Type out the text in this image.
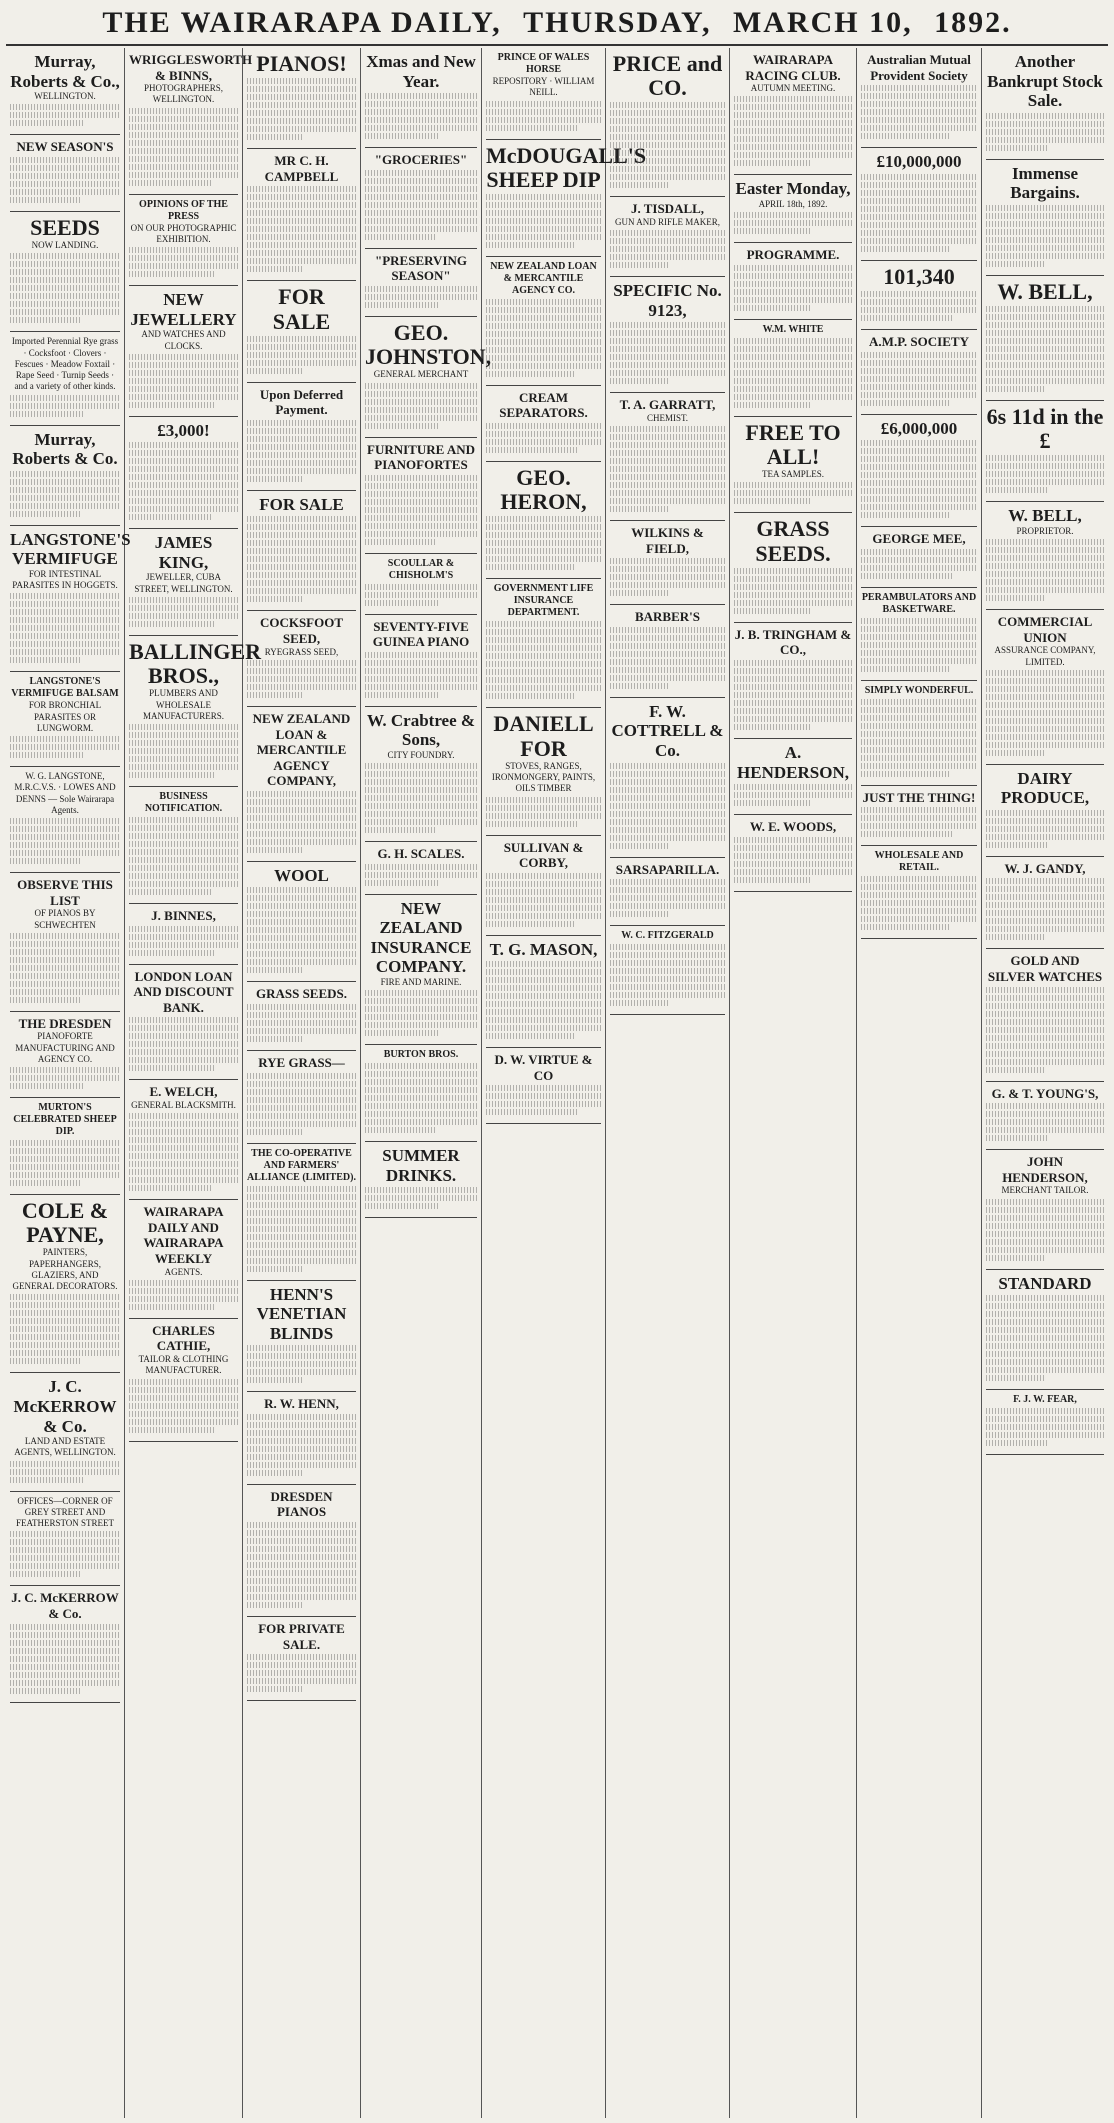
THE WAIRARAPA DAILY, THURSDAY, MARCH 10, 1892.
Murray, Roberts & Co.,
WELLINGTON.
NEW SEASON'S
SEEDS
NOW LANDING.
Imported Perennial Rye grass · Cocksfoot · Clovers · Fescues · Meadow Foxtail · Rape Seed · Turnip Seeds · and a variety of other kinds.
Murray, Roberts & Co.
LANGSTONE'S VERMIFUGE
FOR INTESTINAL PARASITES IN HOGGETS.
LANGSTONE'S VERMIFUGE BALSAM
FOR BRONCHIAL PARASITES OR LUNGWORM.
W. G. LANGSTONE, M.R.C.V.S. · LOWES AND DENNS — Sole Wairarapa Agents.
OBSERVE THIS LIST
OF PIANOS BY SCHWECHTEN
THE DRESDEN
PIANOFORTE MANUFACTURING AND AGENCY CO.
MURTON'S CELEBRATED SHEEP DIP.
COLE & PAYNE,
PAINTERS, PAPERHANGERS, GLAZIERS, AND GENERAL DECORATORS.
J. C. McKERROW & Co.
LAND AND ESTATE AGENTS, WELLINGTON.
OFFICES—CORNER OF GREY STREET AND FEATHERSTON STREET
J. C. McKERROW & Co.
WRIGGLESWORTH & BINNS,
PHOTOGRAPHERS, WELLINGTON.
OPINIONS OF THE PRESS
ON OUR PHOTOGRAPHIC EXHIBITION.
NEW JEWELLERY
AND WATCHES AND CLOCKS.
£3,000!
JAMES KING,
JEWELLER, CUBA STREET, WELLINGTON.
BALLINGER BROS.,
PLUMBERS AND WHOLESALE MANUFACTURERS.
BUSINESS NOTIFICATION.
J. BINNES,
LONDON LOAN AND DISCOUNT BANK.
E. WELCH,
GENERAL BLACKSMITH.
WAIRARAPA DAILY AND WAIRARAPA WEEKLY
AGENTS.
CHARLES CATHIE,
TAILOR & CLOTHING MANUFACTURER.
PIANOS!
MR C. H. CAMPBELL
FOR SALE
Upon Deferred Payment.
FOR SALE
COCKSFOOT SEED,
RYEGRASS SEED,
NEW ZEALAND LOAN & MERCANTILE AGENCY COMPANY,
WOOL
GRASS SEEDS.
RYE GRASS—
THE CO-OPERATIVE AND FARMERS' ALLIANCE (LIMITED).
HENN'S VENETIAN BLINDS
R. W. HENN,
DRESDEN PIANOS
FOR PRIVATE SALE.
Xmas and New Year.
"GROCERIES"
"PRESERVING SEASON"
GEO. JOHNSTON,
GENERAL MERCHANT
FURNITURE AND PIANOFORTES
SCOULLAR & CHISHOLM'S
SEVENTY-FIVE GUINEA PIANO
W. Crabtree & Sons,
CITY FOUNDRY.
G. H. SCALES.
NEW ZEALAND INSURANCE COMPANY.
FIRE AND MARINE.
BURTON BROS.
SUMMER DRINKS.
PRINCE OF WALES HORSE
REPOSITORY · WILLIAM NEILL.
McDOUGALL'S SHEEP DIP
NEW ZEALAND LOAN & MERCANTILE AGENCY CO.
CREAM SEPARATORS.
GEO. HERON,
GOVERNMENT LIFE INSURANCE DEPARTMENT.
DANIELL FOR
STOVES, RANGES, IRONMONGERY, PAINTS, OILS TIMBER
SULLIVAN & CORBY,
T. G. MASON,
D. W. VIRTUE & CO
PRICE and CO.
J. TISDALL,
GUN AND RIFLE MAKER,
SPECIFIC No. 9123,
T. A. GARRATT,
CHEMIST.
WILKINS & FIELD,
BARBER'S
F. W. COTTRELL & Co.
SARSAPARILLA.
W. C. FITZGERALD
WAIRARAPA RACING CLUB.
AUTUMN MEETING.
Easter Monday,
APRIL 18th, 1892.
PROGRAMME.
W.M. WHITE
FREE TO ALL!
TEA SAMPLES.
GRASS SEEDS.
J. B. TRINGHAM & CO.,
A. HENDERSON,
W. E. WOODS,
Australian Mutual Provident Society
£10,000,000
101,340
A.M.P. SOCIETY
£6,000,000
GEORGE MEE,
PERAMBULATORS AND BASKETWARE.
SIMPLY WONDERFUL.
JUST THE THING!
WHOLESALE AND RETAIL.
Another Bankrupt Stock Sale.
Immense Bargains.
W. BELL,
6s 11d in the £
W. BELL,
PROPRIETOR.
COMMERCIAL UNION
ASSURANCE COMPANY, LIMITED.
DAIRY PRODUCE,
W. J. GANDY,
GOLD AND SILVER WATCHES
G. & T. YOUNG'S,
JOHN HENDERSON,
MERCHANT TAILOR.
STANDARD
F. J. W. FEAR,
